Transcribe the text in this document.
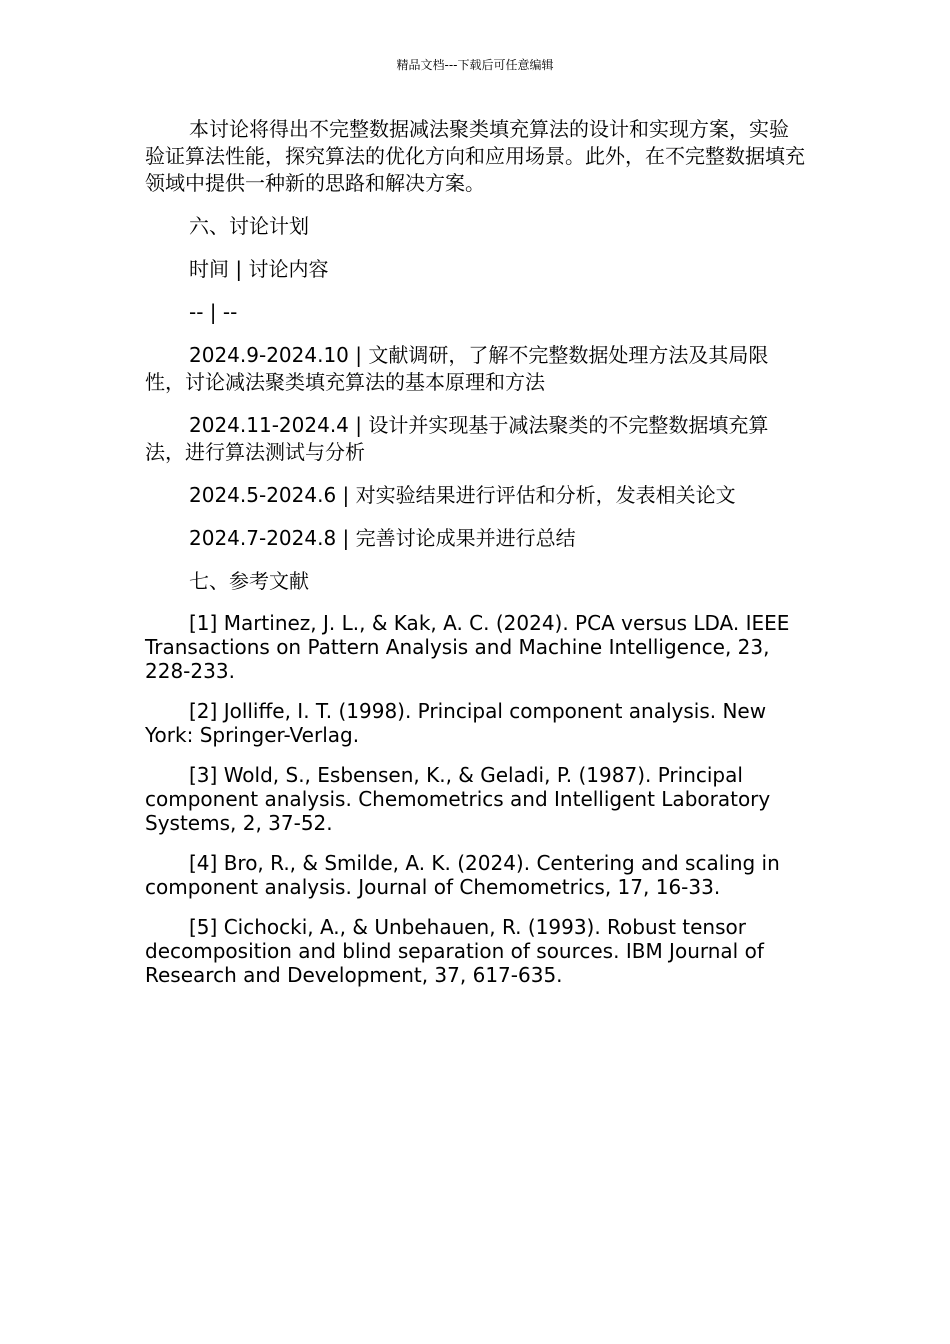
精品文档---下载后可任意编辑

本讨论将得出不完整数据减法聚类填充算法的设计和实现方案，实验验证算法性能，探究算法的优化方向和应用场景。此外，在不完整数据填充领域中提供一种新的思路和解决方案。

六、讨论计划

时间 | 讨论内容

-- | --

2024.9-2024.10 | 文献调研，了解不完整数据处理方法及其局限性，讨论减法聚类填充算法的基本原理和方法

2024.11-2024.4 | 设计并实现基于减法聚类的不完整数据填充算法，进行算法测试与分析

2024.5-2024.6 | 对实验结果进行评估和分析，发表相关论文

2024.7-2024.8 | 完善讨论成果并进行总结

七、参考文献

[1] Martinez, J. L., & Kak, A. C. (2024). PCA versus LDA. IEEE Transactions on Pattern Analysis and Machine Intelligence, 23, 228-233.

[2] Jolliffe, I. T. (1998). Principal component analysis. New York: Springer-Verlag.

[3] Wold, S., Esbensen, K., & Geladi, P. (1987). Principal component analysis. Chemometrics and Intelligent Laboratory Systems, 2, 37-52.

[4] Bro, R., & Smilde, A. K. (2024). Centering and scaling in component analysis. Journal of Chemometrics, 17, 16-33.

[5] Cichocki, A., & Unbehauen, R. (1993). Robust tensor decomposition and blind separation of sources. IBM Journal of Research and Development, 37, 617-635.
